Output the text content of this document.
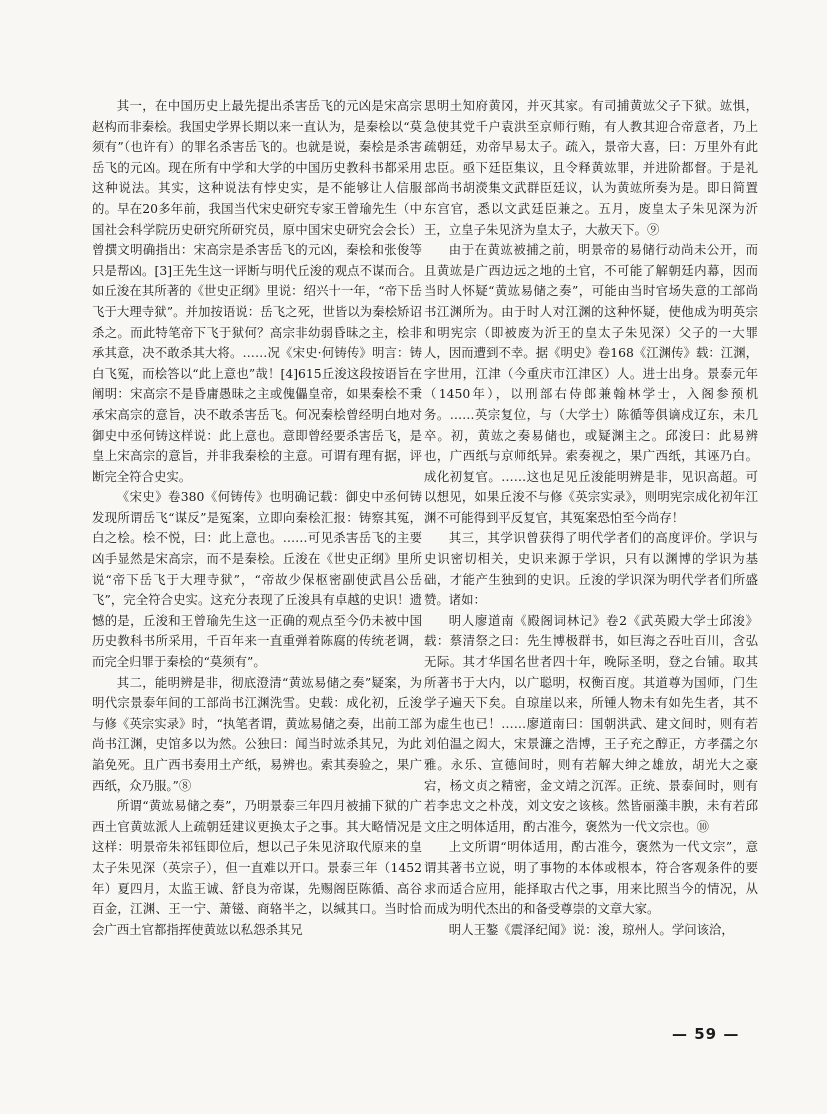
其一，在中国历史上最先提出杀害岳飞的元凶是宋高宗赵构而非秦桧。我国史学界长期以来一直认为，是秦桧以“莫须有”（也许有）的罪名杀害岳飞的。也就是说，秦桧是杀害岳飞的元凶。现在所有中学和大学的中国历史教科书都采用这种说法。其实，这种说法有悖史实，是不能够让人信服的。早在20多年前，我国当代宋史研究专家王曾瑜先生（中国社会科学院历史研究所研究员，原中国宋史研究会会长）曾撰文明确指出：宋高宗是杀害岳飞的元凶，秦桧和张俊等只是帮凶。[3]王先生这一评断与明代丘浚的观点不谋而合。如丘浚在其所著的《世史正纲》里说：绍兴十一年，“帝下岳飞于大理寺狱”。并加按语说：岳飞之死，世皆以为秦桧矫诏杀之。而此特笔帝下飞于狱何？高宗非幼弱昏昧之主，桧非承其意，决不敢杀其大将。……况《宋史·何铸传》明言：铸白飞冤，而桧答以“此上意也”哉！[4]615丘浚这段按语旨在阐明：宋高宗不是昏庸愚昧之主或傀儡皇帝，如果秦桧不秉承宋高宗的意旨，决不敢杀害岳飞。何况秦桧曾经明白地对御史中丞何铸这样说：此上意也。意即曾经要杀害岳飞，是皇上宋高宗的意旨，并非我秦桧的主意。可谓有理有据，评断完全符合史实。

《宋史》卷380《何铸传》也明确记载：御史中丞何铸发现所谓岳飞“谋反”是冤案，立即向秦桧汇报：铸察其冤，白之桧。桧不悦，曰：此上意也。……可见杀害岳飞的主要凶手显然是宋高宗，而不是秦桧。丘浚在《世史正纲》里所说“帝下岳飞于大理寺狱”，“帝故少保枢密副使武昌公岳飞”，完全符合史实。这充分表现了丘浚具有卓越的史识！遗憾的是，丘浚和王曾瑜先生这一正确的观点至今仍未被中国历史教科书所采用，千百年来一直重弹着陈腐的传统老调，而完全归罪于秦桧的“莫须有”。

其二，能明辨是非，彻底澄清“黄竑易储之奏”疑案，为明代宗景泰年间的工部尚书江渊洗雪。史载：成化初，丘浚与修《英宗实录》时，“执笔者谓，黄竑易储之奏，出前工部尚书江渊，史馆多以为然。公独曰：闻当时竑杀其兄，为此諂免死。且广西书奏用土产纸，易辨也。索其奏验之，果广西纸，众乃服。”⑧

所谓“黄竑易储之奏”，乃明景泰三年四月被捕下狱的广西土官黄竑派人上疏朝廷建议更换太子之事。其大略情况是这样：明景帝朱祁钰即位后，想以己子朱见济取代原来的皇太子朱见深（英宗子），但一直难以开口。景泰三年（1452年）夏四月，太监王诚、舒良为帝谋，先赐阁臣陈循、高谷百金，江渊、王一宁、萧镃、商辂半之，以缄其口。当时恰会广西土官都指挥使黄竑以私怨杀其兄

思明土知府黄冈，并灭其家。有司捕黄竑父子下狱。竑惧，急使其党千户袁洪至京师行贿，有人教其迎合帝意者，乃上疏朝廷，劝帝早易太子。疏入，景帝大喜，曰：万里外有此忠臣。亟下廷臣集议，且令释黄竑罪，并进阶都督。于是礼部尚书胡濙集文武群臣廷议，认为黄竑所奏为是。即日简置东宫官，悉以文武廷臣兼之。五月，废皇太子朱见深为沂王，立皇子朱见济为皇太子，大赦天下。⑨

由于在黄竑被捕之前，明景帝的易储行动尚未公开，而且黄竑是广西边远之地的土官，不可能了解朝廷内幕，因而当时人怀疑“黄竑易储之奏”，可能由当时官场失意的工部尚书江渊所为。由于时人对江渊的这种怀疑，使他成为明英宗和明宪宗（即被废为沂王的皇太子朱见深）父子的一大罪人，因而遭到不幸。据《明史》卷168《江渊传》载：江渊，字世用，江津（今重庆市江津区）人。进士出身。景泰元年（1450年），以刑部右侍郎兼翰林学士，入阁参预机务。……英宗复位，与（大学士）陈循等俱谪戍辽东，未几卒。初，黄竑之奏易储也，或疑渊主之。邱浚曰：此易辨也，广西纸与京师纸异。索奏视之，果广西纸，其诬乃白。成化初复官。……这也足见丘浚能明辨是非，见识高超。可以想见，如果丘浚不与修《英宗实录》，则明宪宗成化初年江渊不可能得到平反复官，其冤案恐怕至今尚存！

其三，其学识曾获得了明代学者们的高度评价。学识与史识密切相关，史识来源于学识，只有以渊博的学识为基础，才能产生独到的史识。丘浚的学识深为明代学者们所盛赞。诸如：

明人廖道南《殿阁词林记》卷2《武英殿大学士邱浚》载：蔡清祭之曰：先生博极群书，如巨海之吞吐百川，含弘无际。其才华国名世者四十年，晚际圣明，登之台铺。取其所著书于大内，以广聪明，权衡百度。其道尊为国师，门生学子遍天下矣。自琼崖以来，所锺人物未有如先生者，其不为虚生也已！……廖道南曰：国朝洪武、建文间时，则有若刘伯温之闳大，宋景濂之浩博，王子充之醇正，方孝孺之尔雅。永乐、宣德间时，则有若解大绅之雄放，胡光大之豪宕，杨文贞之精密，金文靖之沉浑。正统、景泰间时，则有若李忠文之朴茂，刘文安之该核。然皆丽藻丰腴，未有若邱文庄之明体适用，酌古准今，褒然为一代文宗也。⑩

上文所谓“明体适用，酌古准今，褒然为一代文宗”，意谓其著书立说，明了事物的本体或根本，符合客观条件的要求而适合应用，能择取古代之事，用来比照当今的情况，从而成为明代杰出的和备受尊崇的文章大家。

明人王鏊《震泽纪闻》说：浚，琼州人。学问该洽，

— 59 —
